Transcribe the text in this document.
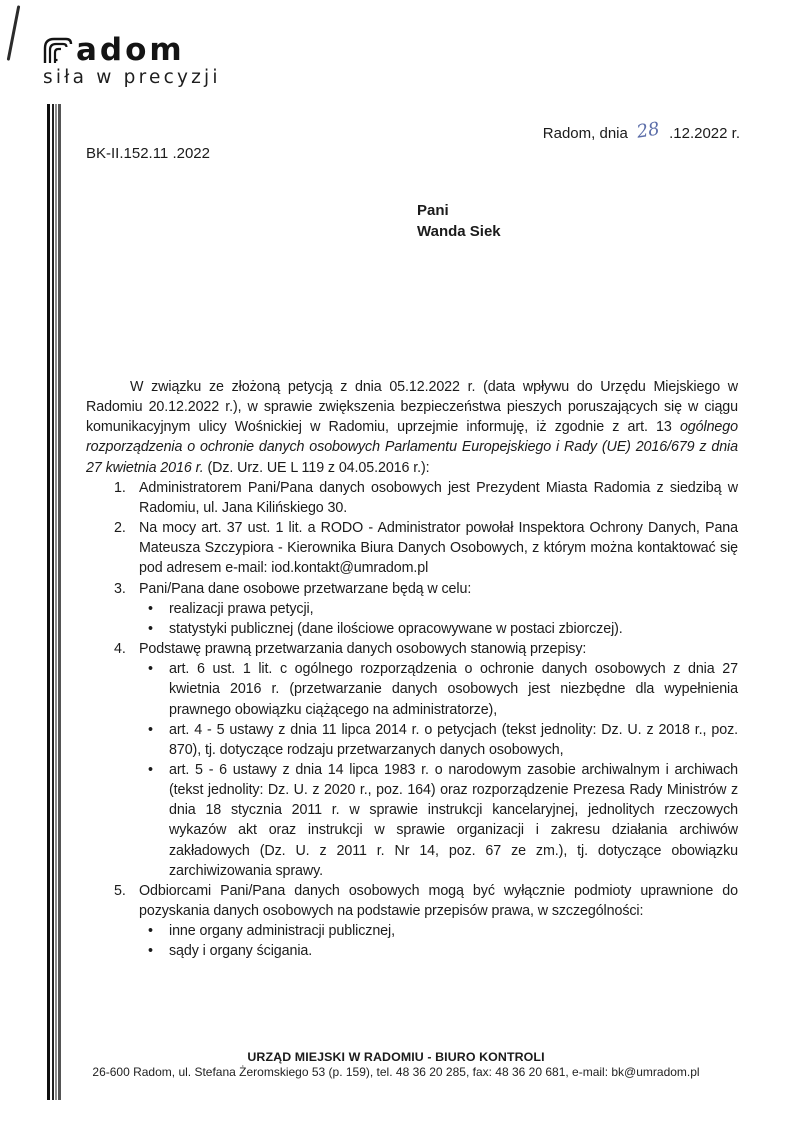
adom
siła w precyzji
Radom, dnia 28 .12.2022 r.
BK-II.152.11 .2022
Pani
Wanda Siek

W związku ze złożoną petycją z dnia 05.12.2022 r. (data wpływu do Urzędu Miejskiego w Radomiu 20.12.2022 r.), w sprawie zwiększenia bezpieczeństwa pieszych poruszających się w ciągu komunikacyjnym ulicy Wośnickiej w Radomiu, uprzejmie informuję, iż zgodnie z art. 13 ogólnego rozporządzenia o ochronie danych osobowych Parlamentu Europejskiego i Rady (UE) 2016/679 z dnia 27 kwietnia 2016 r. (Dz. Urz. UE L 119 z 04.05.2016 r.):

1. Administratorem Pani/Pana danych osobowych jest Prezydent Miasta Radomia z siedzibą w Radomiu, ul. Jana Kilińskiego 30.
2. Na mocy art. 37 ust. 1 lit. a RODO - Administrator powołał Inspektora Ochrony Danych, Pana Mateusza Szczypiora - Kierownika Biura Danych Osobowych, z którym można kontaktować się pod adresem e-mail: iod.kontakt@umradom.pl
3. Pani/Pana dane osobowe przetwarzane będą w celu:
•	realizacji prawa petycji,
•	statystyki publicznej (dane ilościowe opracowywane w postaci zbiorczej).
4. Podstawę prawną przetwarzania danych osobowych stanowią przepisy:
•	art. 6 ust. 1 lit. c ogólnego rozporządzenia o ochronie danych osobowych z dnia 27 kwietnia 2016 r. (przetwarzanie danych osobowych jest niezbędne dla wypełnienia prawnego obowiązku ciążącego na administratorze),
•	art. 4 - 5 ustawy z dnia 11 lipca 2014 r. o petycjach (tekst jednolity: Dz. U. z 2018 r., poz. 870), tj. dotyczące rodzaju przetwarzanych danych osobowych,
•	art. 5 - 6 ustawy z dnia 14 lipca 1983 r. o narodowym zasobie archiwalnym i archiwach (tekst jednolity: Dz. U. z 2020 r., poz. 164) oraz rozporządzenie Prezesa Rady Ministrów z dnia 18 stycznia 2011 r. w sprawie instrukcji kancelaryjnej, jednolitych rzeczowych wykazów akt oraz instrukcji w sprawie organizacji i zakresu działania archiwów zakładowych (Dz. U. z 2011 r. Nr 14, poz. 67 ze zm.), tj. dotyczące obowiązku zarchiwizowania sprawy.
5. Odbiorcami Pani/Pana danych osobowych mogą być wyłącznie podmioty uprawnione do pozyskania danych osobowych na podstawie przepisów prawa, w szczególności:
•	inne organy administracji publicznej,
•	sądy i organy ścigania.
URZĄD MIEJSKI W RADOMIU - BIURO KONTROLI
26-600 Radom, ul. Stefana Żeromskiego 53 (p. 159), tel. 48 36 20 285, fax: 48 36 20 681, e-mail: bk@umradom.pl
